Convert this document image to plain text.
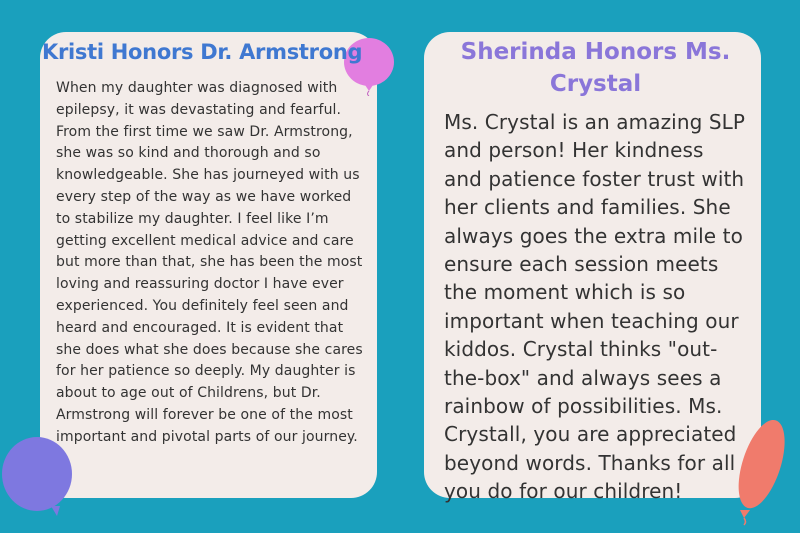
Kristi Honors Dr. Armstrong

When my daughter was diagnosed with epilepsy, it was devastating and fearful. From the first time we saw Dr. Armstrong, she was so kind and thorough and so knowledgeable. She has journeyed with us every step of the way as we have worked to stabilize my daughter. I feel like I’m getting excellent medical advice and care but more than that, she has been the most loving and reassuring doctor I have ever experienced. You definitely feel seen and heard and encouraged. It is evident that she does what she does because she cares for her patience so deeply. My daughter is about to age out of Childrens, but Dr. Armstrong will forever be one of the most important and pivotal parts of our journey.

Sherinda Honors Ms. Crystal

Ms. Crystal is an amazing SLP and person! Her kindness and patience foster trust with her clients and families. She always goes the extra mile to ensure each session meets the moment which is so important when teaching our kiddos. Crystal thinks "out-the-box" and always sees a rainbow of possibilities. Ms. Crystall, you are appreciated beyond words. Thanks for all you do for our children!
